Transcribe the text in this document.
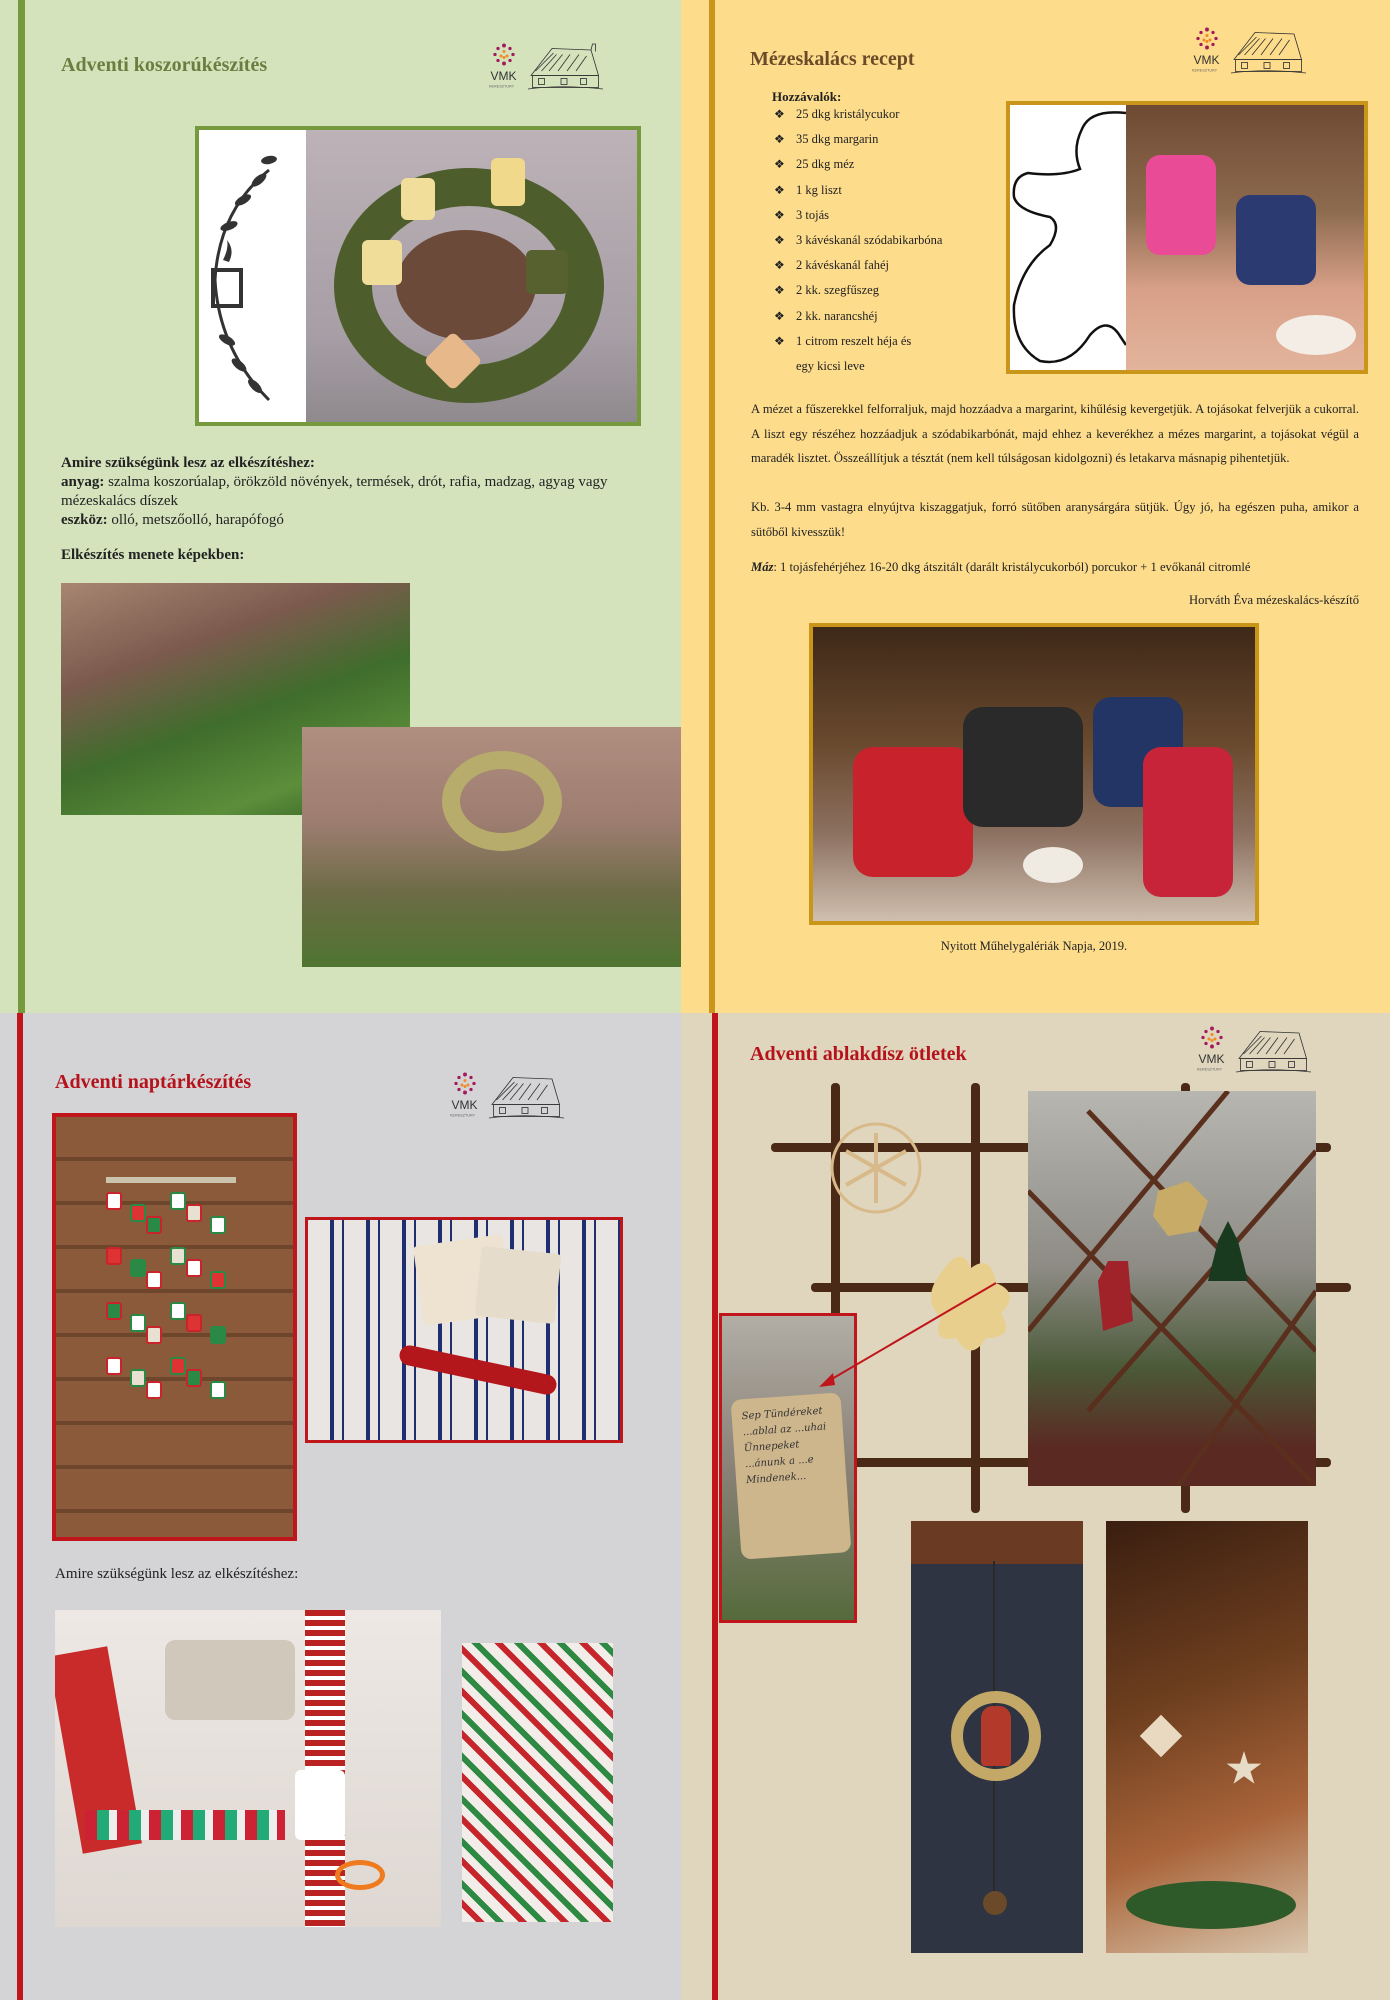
Adventi koszorúkészítés	VMK
KERESZTURY
Amire szükségünk lesz az elkészítéshez:
anyag: szalma koszorúalap, örökzöld növények, termések, drót, rafia, madzag, agyag vagy mézeskalács díszek
eszköz: olló, metszőolló, harapófogó
Elkészítés menete képekben:
Mézeskalács recept	VMK
KERESZTURY
Hozzávalók:
❖ 25 dkg kristálycukor
❖ 35 dkg margarin
❖ 25 dkg méz
❖ 1 kg liszt
❖ 3 tojás
❖ 3 kávéskanál szódabikarbóna
❖ 2 kávéskanál fahéj
❖ 2 kk. szegfűszeg
❖ 2 kk. narancshéj
❖ 1 citrom reszelt héja és
egy kicsi leve
A mézet a fűszerekkel felforraljuk, majd hozzáadva a margarint, kihűlésig kevergetjük. A tojásokat felverjük a cukorral. A liszt egy részéhez hozzáadjuk a szódabikarbónát, majd ehhez a keverékhez a mézes margarint, a tojásokat végül a maradék lisztet. Összeállítjuk a tésztát (nem kell túlságosan kidolgozni) és letakarva másnapig pihentetjük.
Kb. 3-4 mm vastagra elnyújtva kiszaggatjuk, forró sütőben aranysárgára sütjük. Úgy jó, ha egészen puha, amikor a sütőből kivesszük!
Máz: 1 tojásfehérjéhez 16-20 dkg átszitált (darált kristálycukorból) porcukor + 1 evőkanál citromlé
Horváth Éva mézeskalács-készítő
Nyitott Műhelygalériák Napja, 2019.
Adventi naptárkészítés
VMK
KERESZTURY
Amire szükségünk lesz az elkészítéshez:
Adventi ablakdísz ötletek	VMK
KERESZTURY
Sep Tündéreket ...ablal az ...uhai Ünnepeket ...ánunk a ...e Mindenek...
